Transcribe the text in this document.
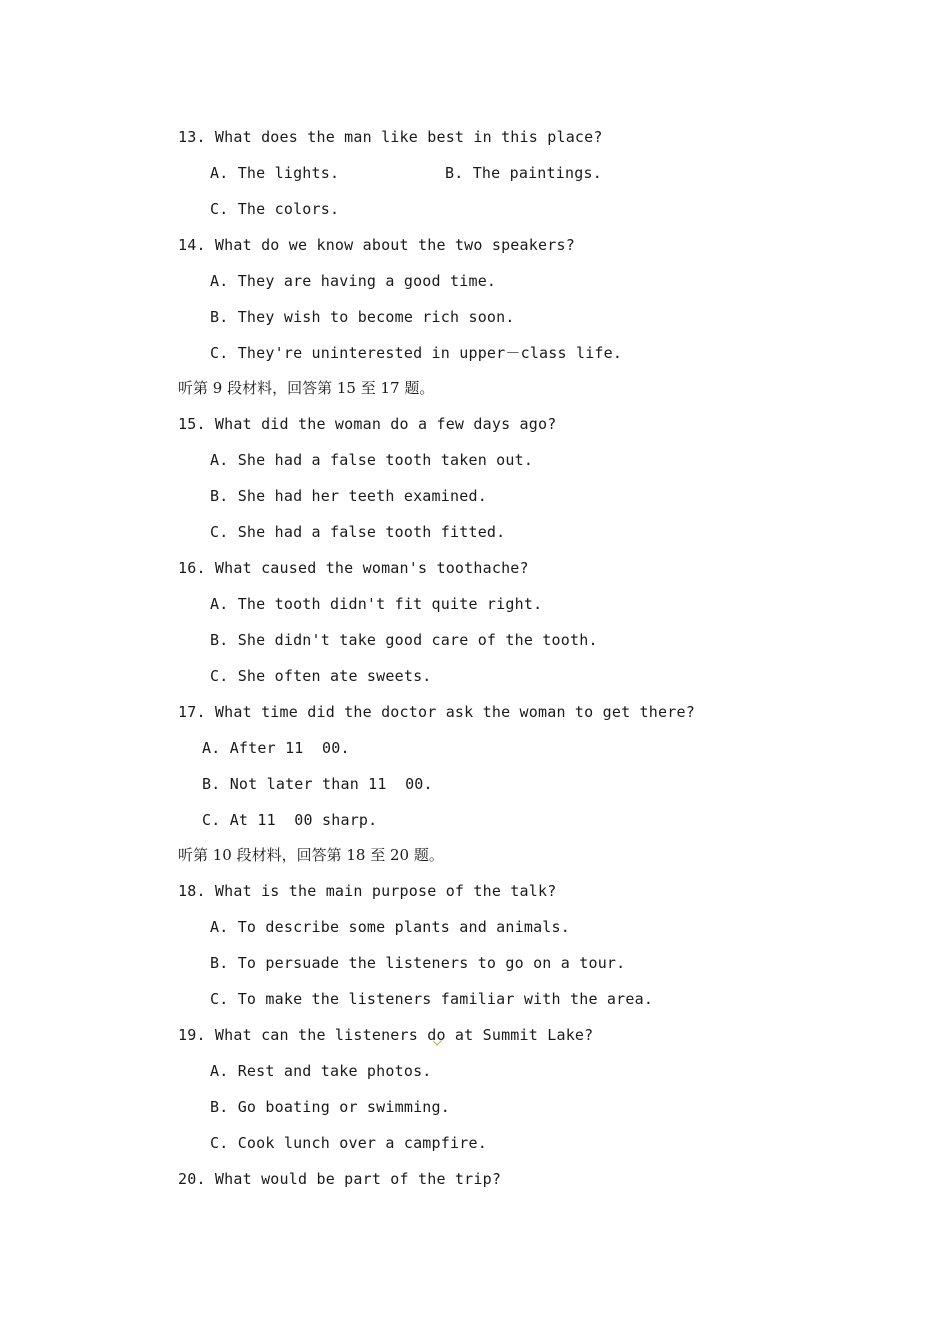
13. What does the man like best in this place?
A. The lights.	B. The paintings.
C. The colors.
14. What do we know about the two speakers?
A. They are having a good time.
B. They wish to become rich soon.
C. They're uninterested in upper－class life.
听第 9 段材料，回答第 15 至 17 题。
15. What did the woman do a few days ago?
A. She had a false tooth taken out.
B. She had her teeth examined.
C. She had a false tooth fitted.
16. What caused the woman's toothache?
A. The tooth didn't fit quite right.
B. She didn't take good care of the tooth.
C. She often ate sweets.
17. What time did the doctor ask the woman to get there?
A. After 11  00.
B. Not later than 11  00.
C. At 11  00 sharp.
听第 10 段材料，回答第 18 至 20 题。
18. What is the main purpose of the talk?
A. To describe some plants and animals.
B. To persuade the listeners to go on a tour.
C. To make the listeners familiar with the area.
19. What can the listeners do at Summit Lake?
A. Rest and take photos.
B. Go boating or swimming.
C. Cook lunch over a campfire.
20. What would be part of the trip?
